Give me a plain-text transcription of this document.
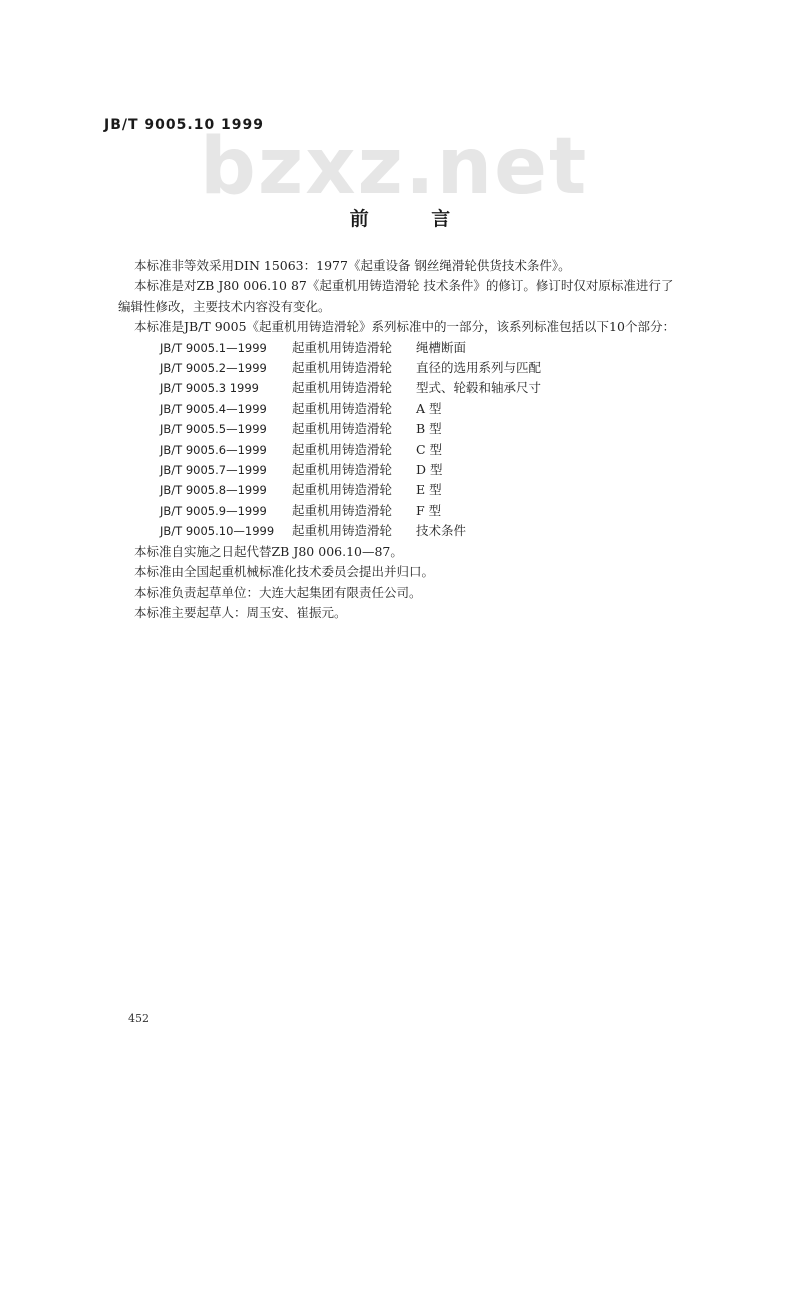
JB/T 9005.10 1999
bzxz.net
前 言
本标准非等效采用DIN 15063：1977《起重设备 钢丝绳滑轮供货技术条件》。
本标准是对ZB J80 006.10 87《起重机用铸造滑轮 技术条件》的修订。修订时仅对原标准进行了
编辑性修改，主要技术内容没有变化。
本标准是JB/T 9005《起重机用铸造滑轮》系列标准中的一部分，该系列标准包括以下10个部分：
JB/T 9005.1—1999	起重机用铸造滑轮	绳槽断面
JB/T 9005.2—1999	起重机用铸造滑轮	直径的选用系列与匹配
JB/T 9005.3 1999	起重机用铸造滑轮	型式、轮毂和轴承尺寸
JB/T 9005.4—1999	起重机用铸造滑轮	A 型
JB/T 9005.5—1999	起重机用铸造滑轮	B 型
JB/T 9005.6—1999	起重机用铸造滑轮	C 型
JB/T 9005.7—1999	起重机用铸造滑轮	D 型
JB/T 9005.8—1999	起重机用铸造滑轮	E 型
JB/T 9005.9—1999	起重机用铸造滑轮	F 型
JB/T 9005.10—1999	起重机用铸造滑轮	技术条件
本标准自实施之日起代替ZB J80 006.10—87。
本标准由全国起重机械标准化技术委员会提出并归口。
本标准负责起草单位：大连大起集团有限责任公司。
本标准主要起草人：周玉安、崔振元。
452
